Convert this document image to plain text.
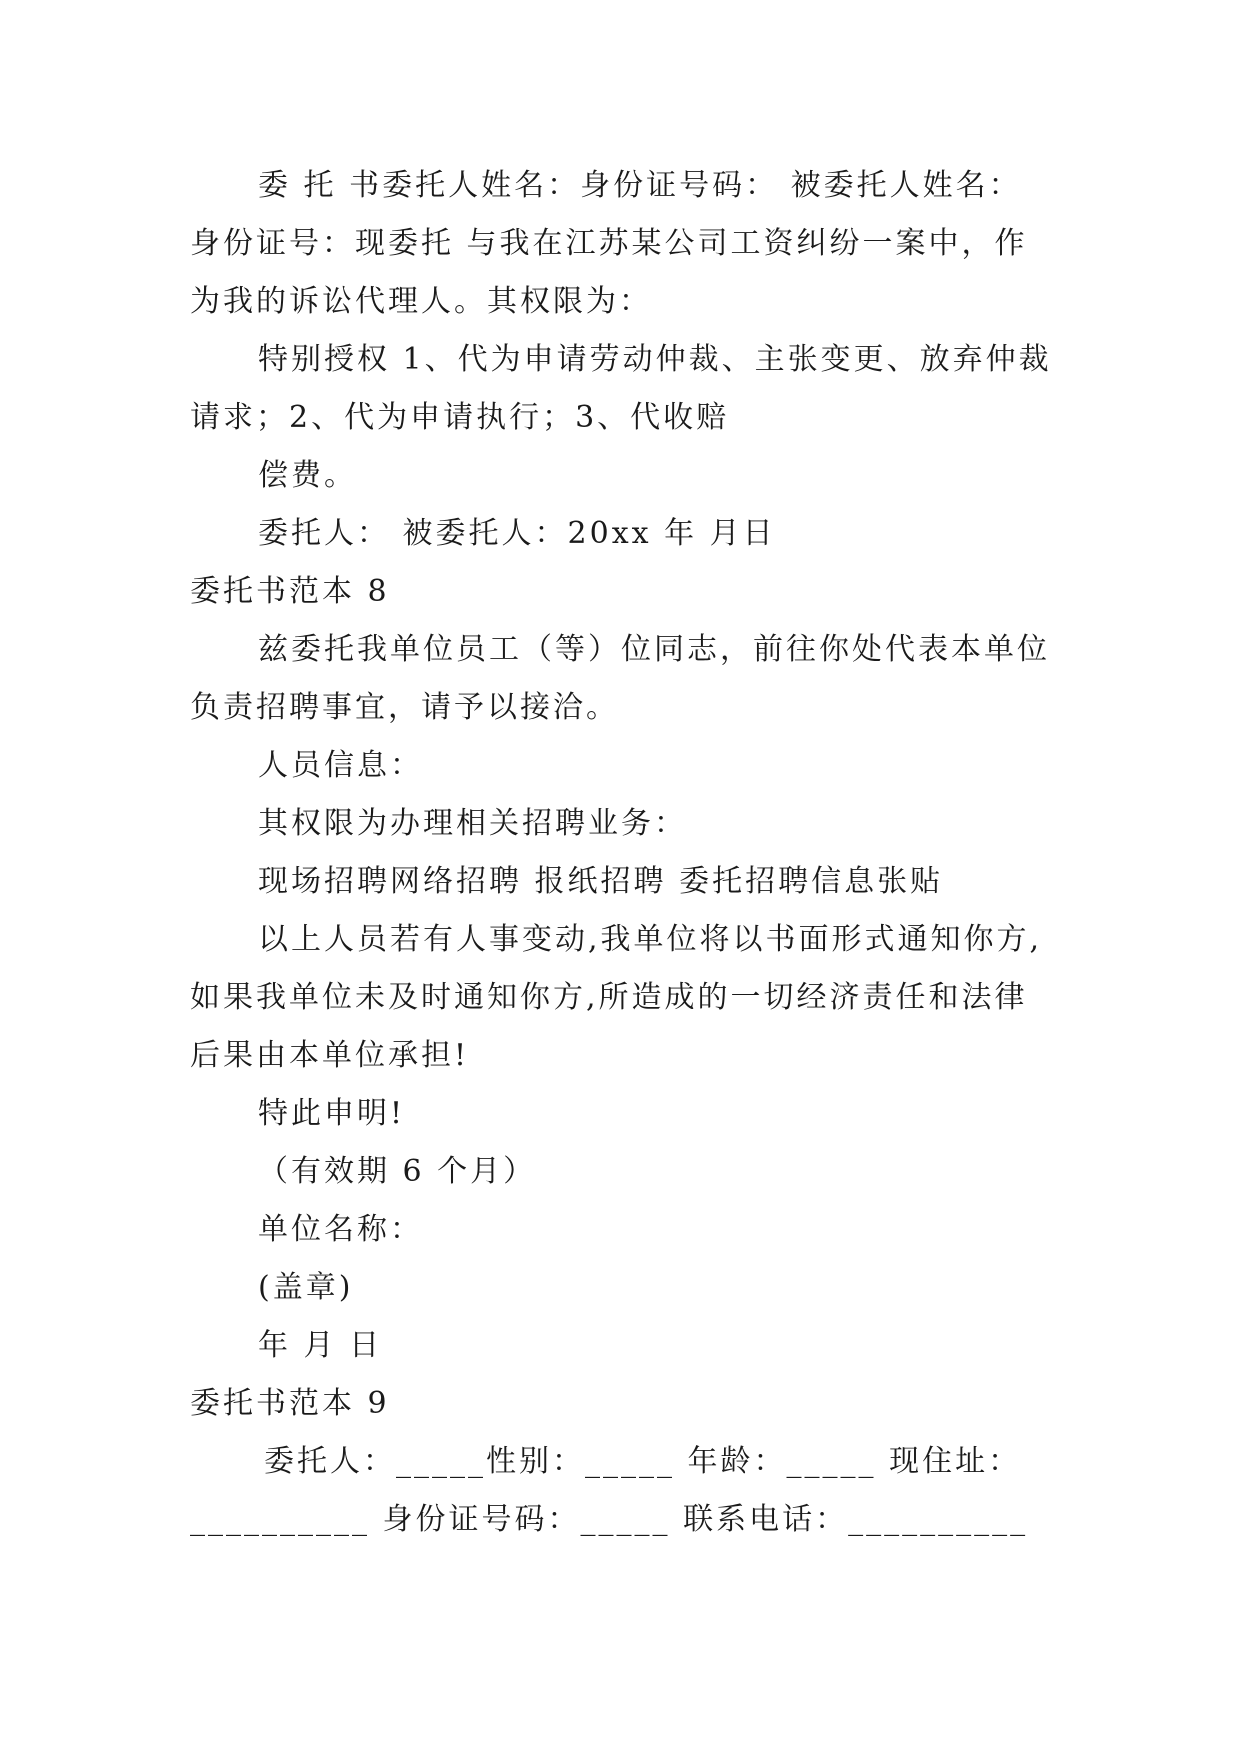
委 托 书委托人姓名：身份证号码： 被委托人姓名：
身份证号：现委托 与我在江苏某公司工资纠纷一案中，作
为我的诉讼代理人。其权限为：
特别授权 1、代为申请劳动仲裁、主张变更、放弃仲裁
请求；2、代为申请执行；3、代收赔
偿费。
委托人： 被委托人：20xx 年 月日
委托书范本 8
兹委托我单位员工（等）位同志，前往你处代表本单位
负责招聘事宜，请予以接洽。
人员信息：
其权限为办理相关招聘业务：
现场招聘网络招聘 报纸招聘 委托招聘信息张贴
以上人员若有人事变动,我单位将以书面形式通知你方,
如果我单位未及时通知你方,所造成的一切经济责任和法律
后果由本单位承担!
特此申明!
（有效期 6 个月）
单位名称：
(盖章)
年 月 日
委托书范本 9
委托人：_____性别：_____ 年龄：_____ 现住址：
__________ 身份证号码：_____ 联系电话：__________
